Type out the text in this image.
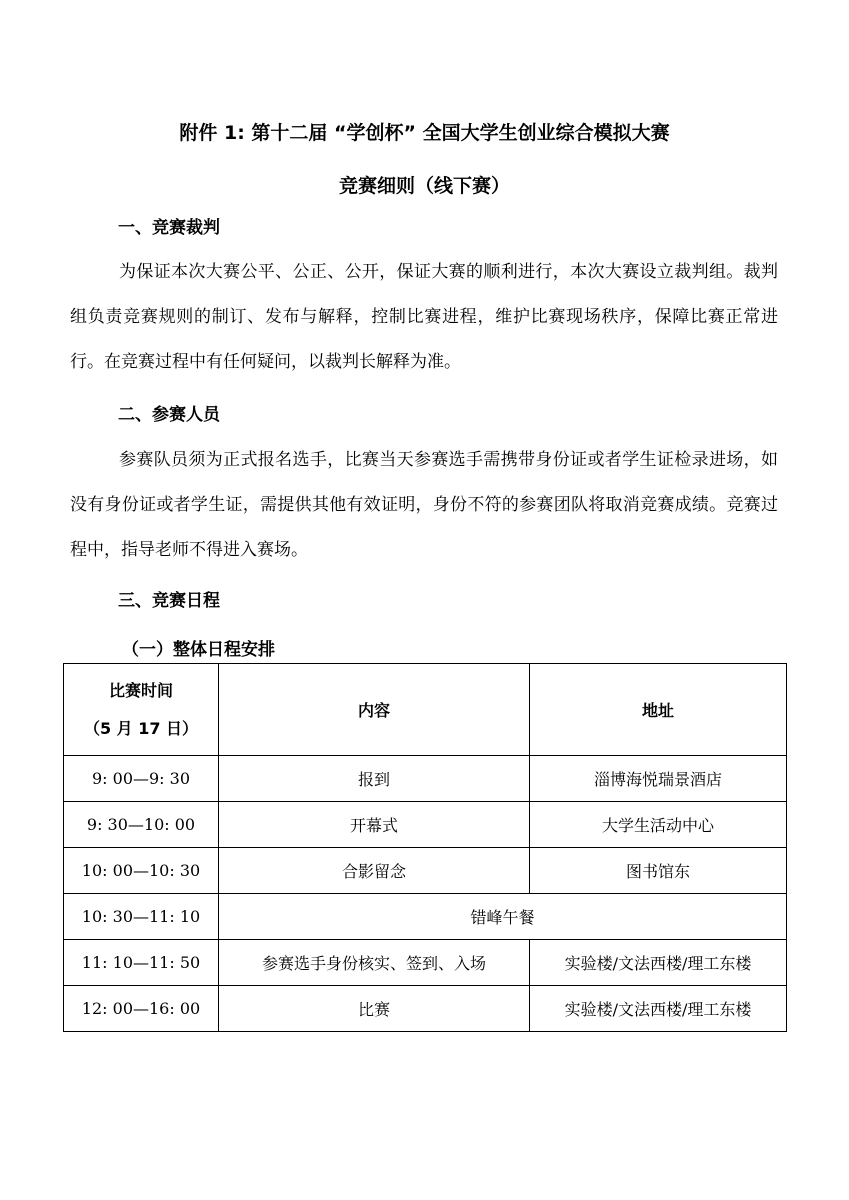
附件 1: 第十二届 “学创杯” 全国大学生创业综合模拟大赛
竞赛细则（线下赛）
一、竞赛裁判

为保证本次大赛公平、公正、公开，保证大赛的顺利进行，本次大赛设立裁判组。裁判组负责竞赛规则的制订、发布与解释，控制比赛进程，维护比赛现场秩序，保障比赛正常进行。在竞赛过程中有任何疑问，以裁判长解释为准。

二、参赛人员

参赛队员须为正式报名选手，比赛当天参赛选手需携带身份证或者学生证检录进场，如没有身份证或者学生证，需提供其他有效证明，身份不符的参赛团队将取消竞赛成绩。竞赛过程中，指导老师不得进入赛场。

三、竞赛日程
（一）整体日程安排
比赛时间
（5 月 17 日）	内容	地址
9: 00—9: 30	报到	淄博海悦瑞景酒店
9: 30—10: 00	开幕式	大学生活动中心
10: 00—10: 30	合影留念	图书馆东
10: 30—11: 10	错峰午餐	
11: 10—11: 50	参赛选手身份核实、签到、入场	实验楼/文法西楼/理工东楼
12: 00—16: 00	比赛	实验楼/文法西楼/理工东楼
